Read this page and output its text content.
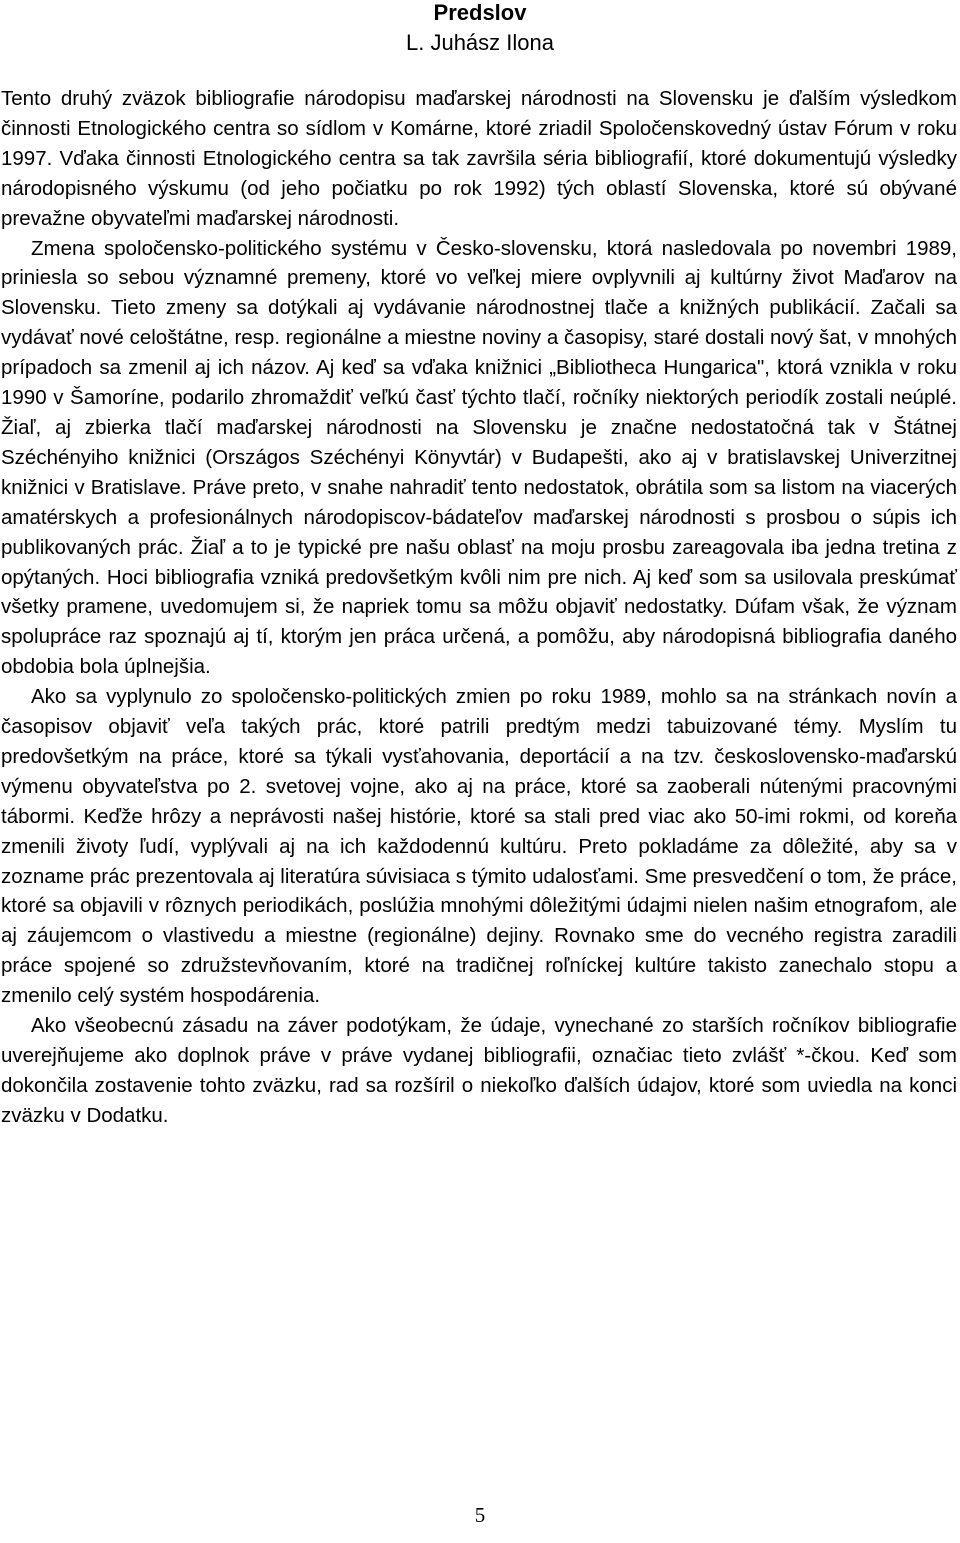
Predslov
L. Juhász Ilona

Tento druhý zväzok bibliografie národopisu maďarskej národnosti na Slovensku je ďalším výsledkom činnosti Etnologického centra so sídlom v Komárne, ktoré zriadil Spoločenskovedný ústav Fórum v roku 1997. Vďaka činnosti Etnologického centra sa tak završila séria bibliografií, ktoré dokumentujú výsledky národopisného výskumu (od jeho počiatku po rok 1992) tých oblastí Slovenska, ktoré sú obývané prevažne obyvateľmi maďarskej národnosti.

Zmena spoločensko-politického systému v Česko-slovensku, ktorá nasledovala po novembri 1989, priniesla so sebou významné premeny, ktoré vo veľkej miere ovplyvnili aj kultúrny život Maďarov na Slovensku. Tieto zmeny sa dotýkali aj vydávanie národnostnej tlače a knižných publikácií. Začali sa vydávať nové celoštátne, resp. regionálne a miestne noviny a časopisy, staré dostali nový šat, v mnohých prípadoch sa zmenil aj ich názov. Aj keď sa vďaka knižnici „Bibliotheca Hungarica", ktorá vznikla v roku 1990 v Šamoríne, podarilo zhromaždiť veľkú časť týchto tlačí, ročníky niektorých periodík zostali neúplé. Žiaľ, aj zbierka tlačí maďarskej národnosti na Slovensku je značne nedostatočná tak v Štátnej Széchényiho knižnici (Országos Széchényi Könyvtár) v Budapešti, ako aj v bratislavskej Univerzitnej knižnici v Bratislave. Práve preto, v snahe nahradiť tento nedostatok, obrátila som sa listom na viacerých amatérskych a profesionálnych národopiscov-bádateľov maďarskej národnosti s prosbou o súpis ich publikovaných prác. Žiaľ a to je typické pre našu oblasť na moju prosbu zareagovala iba jedna tretina z opýtaných. Hoci bibliografia vzniká predovšetkým kvôli nim pre nich. Aj keď som sa usilovala preskúmať všetky pramene, uvedomujem si, že napriek tomu sa môžu objaviť nedostatky. Dúfam však, že význam spolupráce raz spoznajú aj tí, ktorým jen práca určená, a pomôžu, aby národopisná bibliografia daného obdobia bola úplnejšia.

Ako sa vyplynulo zo spoločensko-politických zmien po roku 1989, mohlo sa na stránkach novín a časopisov objaviť veľa takých prác, ktoré patrili predtým medzi tabuizované témy. Myslím tu predovšetkým na práce, ktoré sa týkali vysťahovania, deportácií a na tzv. československo-maďarskú výmenu obyvateľstva po 2. svetovej vojne, ako aj na práce, ktoré sa zaoberali nútenými pracovnými tábormi. Keďže hrôzy a neprávosti našej histórie, ktoré sa stali pred viac ako 50-imi rokmi, od koreňa zmenili životy ľudí, vyplývali aj na ich každodennú kultúru. Preto pokladáme za dôležité, aby sa v zozname prác prezentovala aj literatúra súvisiaca s týmito udalosťami. Sme presvedčení o tom, že práce, ktoré sa objavili v rôznych periodikách, poslúžia mnohými dôležitými údajmi nielen našim etnografom, ale aj záujemcom o vlastivedu a miestne (regionálne) dejiny. Rovnako sme do vecného registra zaradili práce spojené so združstevňovaním, ktoré na tradičnej roľníckej kultúre takisto zanechalo stopu a zmenilo celý systém hospodárenia.

Ako všeobecnú zásadu na záver podotýkam, že údaje, vynechané zo starších ročníkov bibliografie uverejňujeme ako doplnok práve v práve vydanej bibliografii, označiac tieto zvlášť *-čkou. Keď som dokončila zostavenie tohto zväzku, rad sa rozšíril o niekoľko ďalších údajov, ktoré som uviedla na konci zväzku v Dodatku.

5
